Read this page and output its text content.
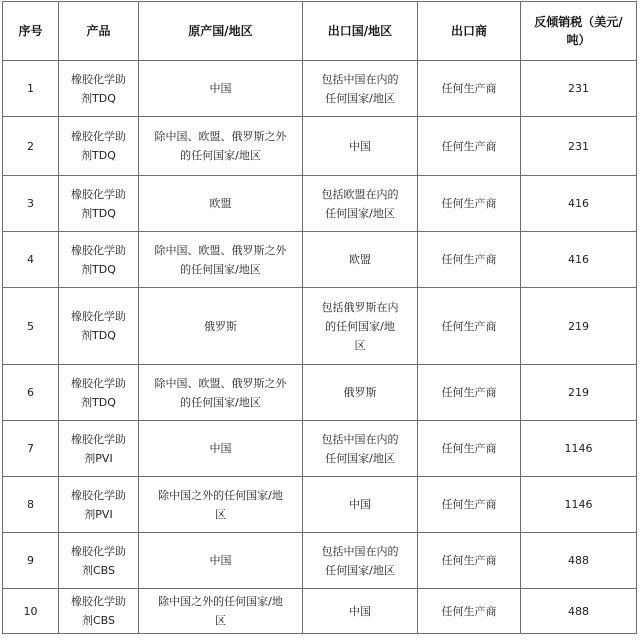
序号	产品	原产国/地区	出口国/地区	出口商	反倾销税（美元/吨）
1	橡胶化学助剂TDQ	中国	包括中国在内的任何国家/地区	任何生产商	231
2	橡胶化学助剂TDQ	除中国、欧盟、俄罗斯之外的任何国家/地区	中国	任何生产商	231
3	橡胶化学助剂TDQ	欧盟	包括欧盟在内的任何国家/地区	任何生产商	416
4	橡胶化学助剂TDQ	除中国、欧盟、俄罗斯之外的任何国家/地区	欧盟	任何生产商	416
5	橡胶化学助剂TDQ	俄罗斯	包括俄罗斯在内的任何国家/地区	任何生产商	219
6	橡胶化学助剂TDQ	除中国、欧盟、俄罗斯之外的任何国家/地区	俄罗斯	任何生产商	219
7	橡胶化学助剂PVI	中国	包括中国在内的任何国家/地区	任何生产商	1146
8	橡胶化学助剂PVI	除中国之外的任何国家/地区	中国	任何生产商	1146
9	橡胶化学助剂CBS	中国	包括中国在内的任何国家/地区	任何生产商	488
10	橡胶化学助剂CBS	除中国之外的任何国家/地区	中国	任何生产商	488
